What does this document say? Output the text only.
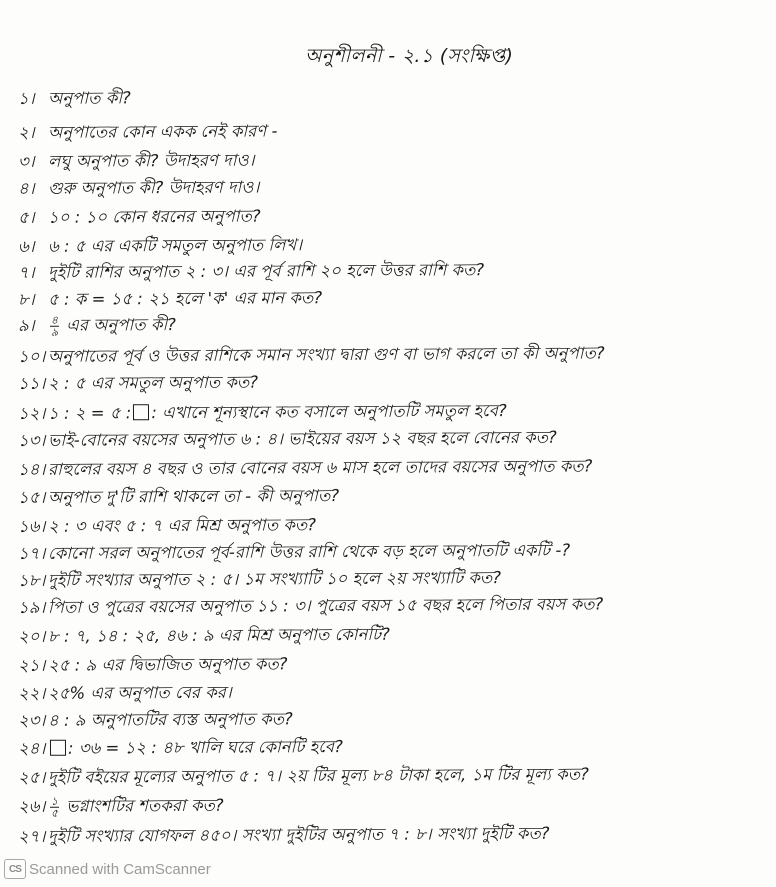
অনুশীলনী - ২.১ (সংক্ষিপ্ত)
১। অনুপাত কী?
২। অনুপাতের কোন একক নেই কারণ -
৩। লঘু অনুপাত কী? উদাহরণ দাও।
৪। গুরু অনুপাত কী? উদাহরণ দাও।
৫। ১০ : ১০ কোন ধরনের অনুপাত?
৬। ৬ : ৫ এর একটি সমতুল অনুপাত লিখ।
৭। দুইটি রাশির অনুপাত ২ : ৩। এর পূর্ব রাশি ২০ হলে উত্তর রাশি কত?
৮। ৫ : ক = ১৫ : ২১ হলে 'ক' এর মান কত?
৯। $\frac{৪}{৯}$ এর অনুপাত কী?
১০। অনুপাতের পূর্ব ও উত্তর রাশিকে সমান সংখ্যা দ্বারা গুণ বা ভাগ করলে তা কী অনুপাত?
১১। ২ : ৫ এর সমতুল অনুপাত কত?
১২। ১ : ২ = ৫ : : এখানে শূন্যস্থানে কত বসালে অনুপাতটি সমতুল হবে?
১৩। ভাই-বোনের বয়সের অনুপাত ৬ : ৪। ভাইয়ের বয়স ১২ বছর হলে বোনের কত?
১৪। রাহুলের বয়স ৪ বছর ও তার বোনের বয়স ৬ মাস হলে তাদের বয়সের অনুপাত কত?
১৫। অনুপাত দু'টি রাশি থাকলে তা - কী অনুপাত?
১৬। ২ : ৩ এবং ৫ : ৭ এর মিশ্র অনুপাত কত?
১৭। কোনো সরল অনুপাতের পূর্ব-রাশি উত্তর রাশি থেকে বড় হলে অনুপাতটি একটি -?
১৮। দুইটি সংখ্যার অনুপাত ২ : ৫। ১ম সংখ্যাটি ১০ হলে ২য় সংখ্যাটি কত?
১৯। পিতা ও পুত্রের বয়সের অনুপাত ১১ : ৩। পুত্রের বয়স ১৫ বছর হলে পিতার বয়স কত?
২০। ৮ : ৭, ১৪ : ২৫, ৪৬ : ৯ এর মিশ্র অনুপাত কোনটি?
২১। ২৫ : ৯ এর দ্বিভাজিত অনুপাত কত?
২২। ২৫% এর অনুপাত বের কর।
২৩। ৪ : ৯ অনুপাতটির ব্যস্ত অনুপাত কত?
২৪। : ৩৬ = ১২ : ৪৮ খালি ঘরে কোনটি হবে?
২৫। দুইটি বইয়ের মূল্যের অনুপাত ৫ : ৭। ২য় টির মূল্য ৮৪ টাকা হলে, ১ম টির মূল্য কত?
২৬। $\frac{১}{৫}$ ভগ্নাংশটির শতকরা কত?
২৭। দুইটি সংখ্যার যোগফল ৪৫০। সংখ্যা দুইটির অনুপাত ৭ : ৮। সংখ্যা দুইটি কত?
CS Scanned with CamScanner
